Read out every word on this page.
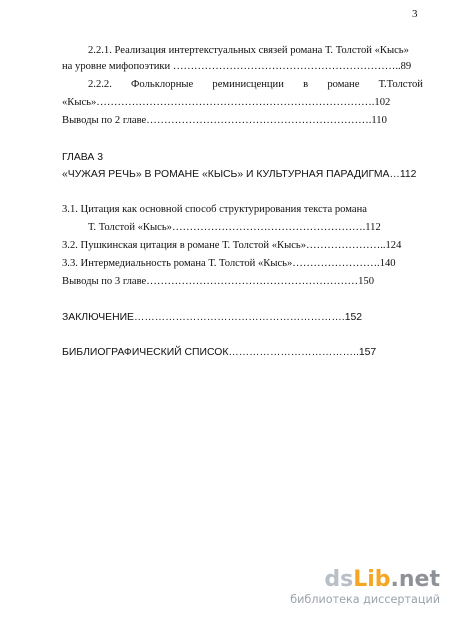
3
2.2.1. Реализация интертекстуальных связей романа Т. Толстой «Кысь»
на уровне мифопоэтики ………………………………………………………..89
2.2.2. Фольклорные реминисценции в романе Т.Толстой
«Кысь»…………………………………………………………………….102
Выводы по 2 главе……………………………………………………….110
ГЛАВА 3
«ЧУЖАЯ РЕЧЬ» В РОМАНЕ «КЫСЬ» И КУЛЬТУРНАЯ ПАРАДИГМА…112
3.1. Цитация как основной способ структурирования текста романа
Т. Толстой «Кысь»……………………………………………….112
3.2. Пушкинская цитация в романе Т. Толстой «Кысь»…………………..124
3.3. Интермедиальность романа Т. Толстой «Кысь»…………………….140
Выводы по 3 главе……………………………………………………150
ЗАКЛЮЧЕНИЕ…………………………………………………….152
БИБЛИОГРАФИЧЕСКИЙ СПИСОК………………………………..157
ds Lib .net
библиотека диссертаций
